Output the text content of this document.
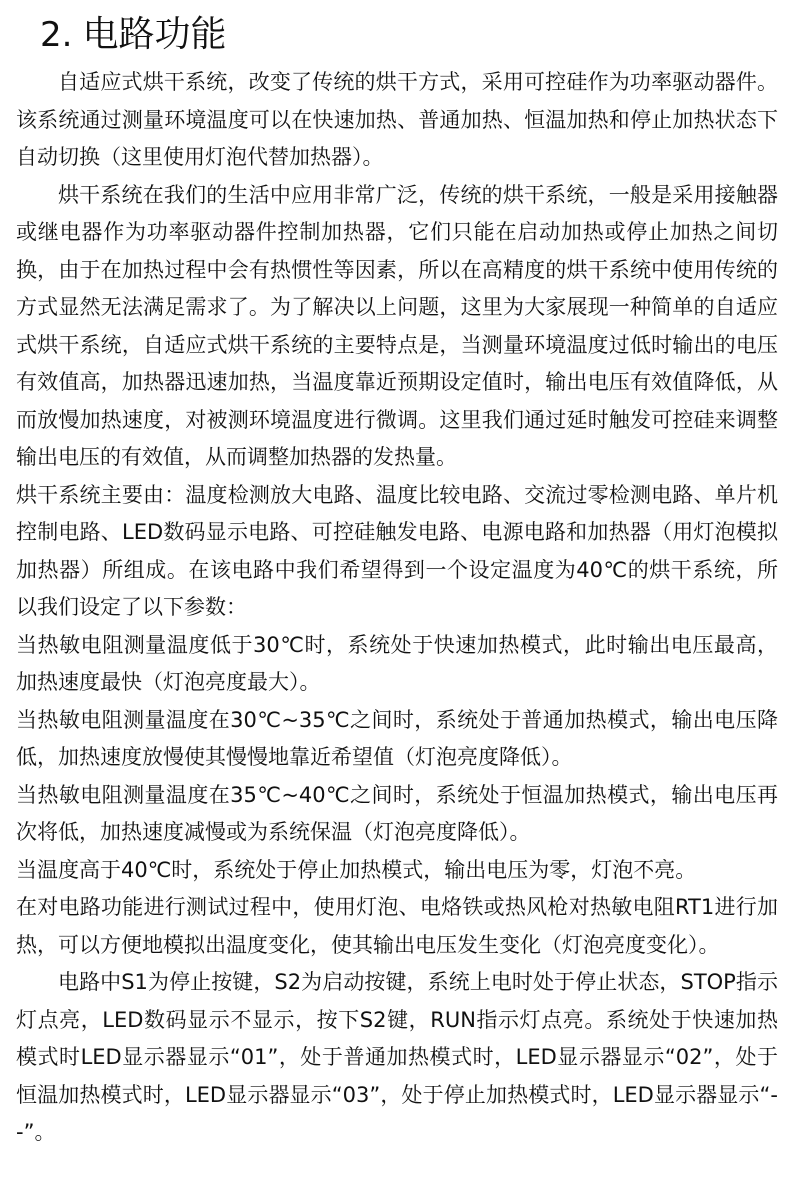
2. 电路功能

自适应式烘干系统，改变了传统的烘干方式，采用可控硅作为功率驱动器件。该系统通过测量环境温度可以在快速加热、普通加热、恒温加热和停止加热状态下自动切换（这里使用灯泡代替加热器）。

烘干系统在我们的生活中应用非常广泛，传统的烘干系统，一般是采用接触器或继电器作为功率驱动器件控制加热器，它们只能在启动加热或停止加热之间切换，由于在加热过程中会有热惯性等因素，所以在高精度的烘干系统中使用传统的方式显然无法满足需求了。为了解决以上问题，这里为大家展现一种简单的自适应式烘干系统，自适应式烘干系统的主要特点是，当测量环境温度过低时输出的电压有效值高，加热器迅速加热，当温度靠近预期设定值时，输出电压有效值降低，从而放慢加热速度，对被测环境温度进行微调。这里我们通过延时触发可控硅来调整输出电压的有效值，从而调整加热器的发热量。

烘干系统主要由：温度检测放大电路、温度比较电路、交流过零检测电路、单片机控制电路、LED数码显示电路、可控硅触发电路、电源电路和加热器（用灯泡模拟加热器）所组成。在该电路中我们希望得到一个设定温度为40℃的烘干系统，所以我们设定了以下参数：

当热敏电阻测量温度低于30℃时，系统处于快速加热模式，此时输出电压最高，加热速度最快（灯泡亮度最大）。

当热敏电阻测量温度在30℃~35℃之间时，系统处于普通加热模式，输出电压降低，加热速度放慢使其慢慢地靠近希望值（灯泡亮度降低）。

当热敏电阻测量温度在35℃~40℃之间时，系统处于恒温加热模式，输出电压再次将低，加热速度减慢或为系统保温（灯泡亮度降低）。

当温度高于40℃时，系统处于停止加热模式，输出电压为零，灯泡不亮。

在对电路功能进行测试过程中，使用灯泡、电烙铁或热风枪对热敏电阻RT1进行加热，可以方便地模拟出温度变化，使其输出电压发生变化（灯泡亮度变化）。

电路中S1为停止按键，S2为启动按键，系统上电时处于停止状态，STOP指示灯点亮，LED数码显示不显示，按下S2键，RUN指示灯点亮。系统处于快速加热模式时LED显示器显示“01”，处于普通加热模式时，LED显示器显示“02”，处于恒温加热模式时，LED显示器显示“03”，处于停止加热模式时，LED显示器显示“--”。
